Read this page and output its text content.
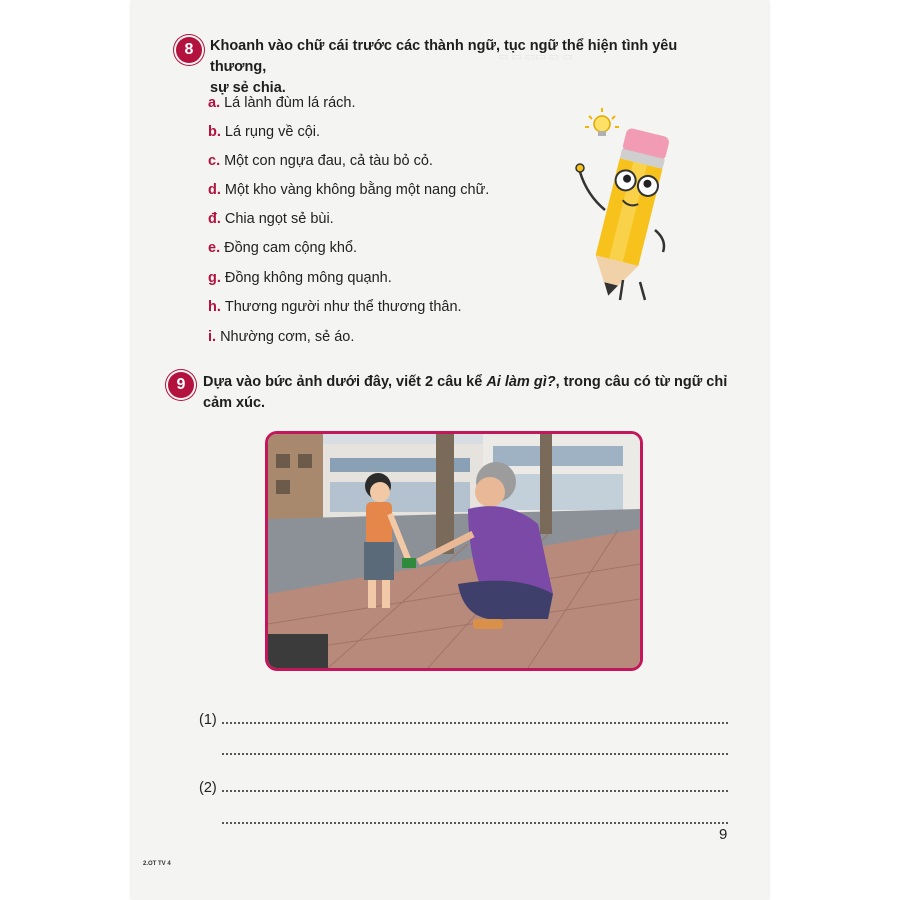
▭ ▭ ▭▭ ▭ ▭
8 Khoanh vào chữ cái trước các thành ngữ, tục ngữ thể hiện tình yêu thương,
sự sẻ chia.
a. Lá lành đùm lá rách.
b. Lá rụng về cội.
c. Một con ngựa đau, cả tàu bỏ cỏ.
d. Một kho vàng không bằng một nang chữ.
đ. Chia ngọt sẻ bùi.
e. Đồng cam cộng khổ.
g. Đồng không mông quạnh.
h. Thương người như thể thương thân.
i. Nhường cơm, sẻ áo.
9 Dựa vào bức ảnh dưới đây, viết 2 câu kể Ai làm gì?, trong câu có từ ngữ chỉ
cảm xúc.
(1)
(2)
9
2.OT TV 4
